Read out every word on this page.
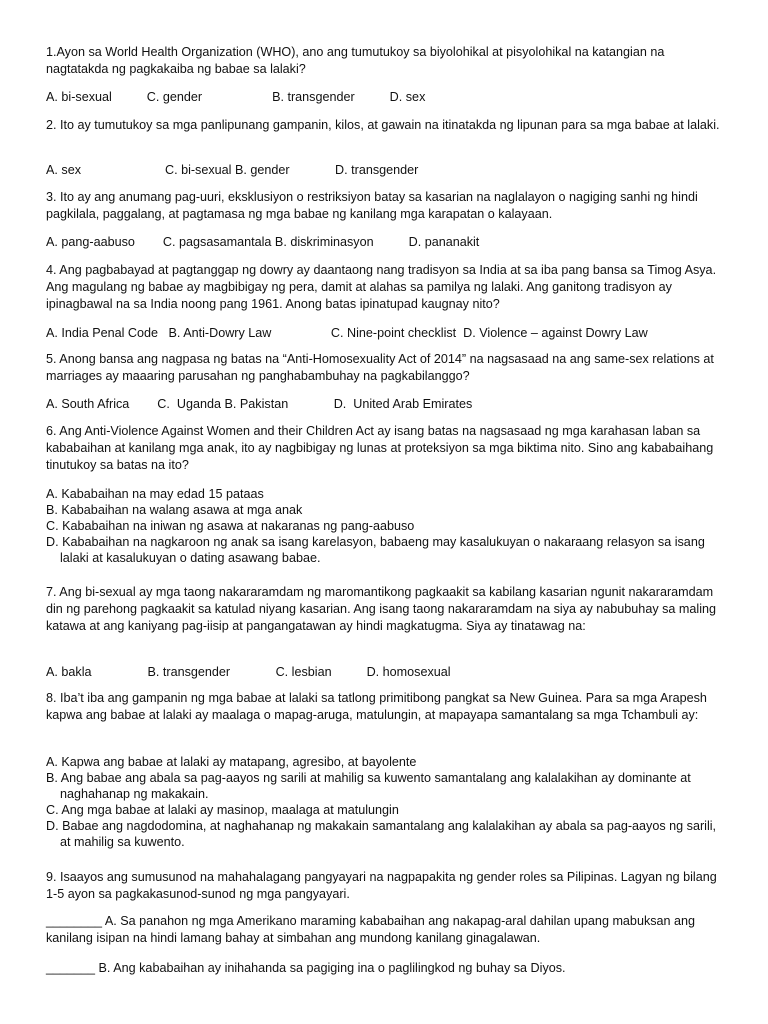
1.Ayon sa World Health Organization (WHO), ano ang tumutukoy sa biyolohikal at pisyolohikal na katangian na nagtatakda ng pagkakaiba ng babae sa lalaki?
A. bi-sexual          C. gender                    B. transgender          D. sex
2. Ito ay tumutukoy sa mga panlipunang gampanin, kilos, at gawain na itinatakda ng lipunan para sa mga babae at lalaki.
A. sex                        C. bi-sexual B. gender             D. transgender
3. Ito ay ang anumang pag-uuri, eksklusiyon o restriksiyon batay sa kasarian na naglalayon o nagiging sanhi ng hindi pagkilala, paggalang, at pagtamasa ng mga babae ng kanilang mga karapatan o kalayaan.
A. pang-aabuso        C. pagsasamantala B. diskriminasyon          D. pananakit
4. Ang pagbabayad at pagtanggap ng dowry ay daantaong nang tradisyon sa India at sa iba pang bansa sa Timog Asya. Ang magulang ng babae ay magbibigay ng pera, damit at alahas sa pamilya ng lalaki. Ang ganitong tradisyon ay ipinagbawal na sa India noong pang 1961. Anong batas ipinatupad kaugnay nito?
A. India Penal Code   B. Anti-Dowry Law                 C. Nine-point checklist  D. Violence – against Dowry Law
5. Anong bansa ang nagpasa ng batas na “Anti-Homosexuality Act of 2014” na nagsasaad na ang same-sex relations at marriages ay maaaring parusahan ng panghabambuhay na pagkabilanggo?
A. South Africa        C.  Uganda B. Pakistan             D.  United Arab Emirates
6. Ang Anti-Violence Against Women and their Children Act ay isang batas na nagsasaad ng mga karahasan laban sa kababaihan at kanilang mga anak, ito ay nagbibigay ng lunas at proteksiyon sa mga biktima nito. Sino ang kababaihang tinutukoy sa batas na ito?
A. Kababaihan na may edad 15 pataas
B. Kababaihan na walang asawa at mga anak
C. Kababaihan na iniwan ng asawa at nakaranas ng pang-aabuso
D. Kababaihan na nagkaroon ng anak sa isang karelasyon, babaeng may kasalukuyan o nakaraang relasyon sa isang lalaki at kasalukuyan o dating asawang babae.
7. Ang bi-sexual ay mga taong nakararamdam ng maromantikong pagkaakit sa kabilang kasarian ngunit nakararamdam din ng parehong pagkaakit sa katulad niyang kasarian. Ang isang taong nakararamdam na siya ay nabubuhay sa maling katawa at ang kaniyang pag-iisip at pangangatawan ay hindi magkatugma. Siya ay tinatawag na:
A. bakla                B. transgender             C. lesbian          D. homosexual
8. Iba’t iba ang gampanin ng mga babae at lalaki sa tatlong primitibong pangkat sa New Guinea. Para sa mga Arapesh kapwa ang babae at lalaki ay maalaga o mapag-aruga, matulungin, at mapayapa samantalang sa mga Tchambuli ay:
A. Kapwa ang babae at lalaki ay matapang, agresibo, at bayolente
B. Ang babae ang abala sa pag-aayos ng sarili at mahilig sa kuwento samantalang ang kalalakihan ay dominante at naghahanap ng makakain.
C. Ang mga babae at lalaki ay masinop, maalaga at matulungin
D. Babae ang nagdodomina, at naghahanap ng makakain samantalang ang kalalakihan ay abala sa pag-aayos ng sarili, at mahilig sa kuwento.
9. Isaayos ang sumusunod na mahahalagang pangyayari na nagpapakita ng gender roles sa Pilipinas. Lagyan ng bilang 1-5 ayon sa pagkakasunod-sunod ng mga pangyayari.
________ A. Sa panahon ng mga Amerikano maraming kababaihan ang nakapag-aral dahilan upang mabuksan ang kanilang isipan na hindi lamang bahay at simbahan ang mundong kanilang ginagalawan.
_______ B. Ang kababaihan ay inihahanda sa pagiging ina o paglilingkod ng buhay sa Diyos.
